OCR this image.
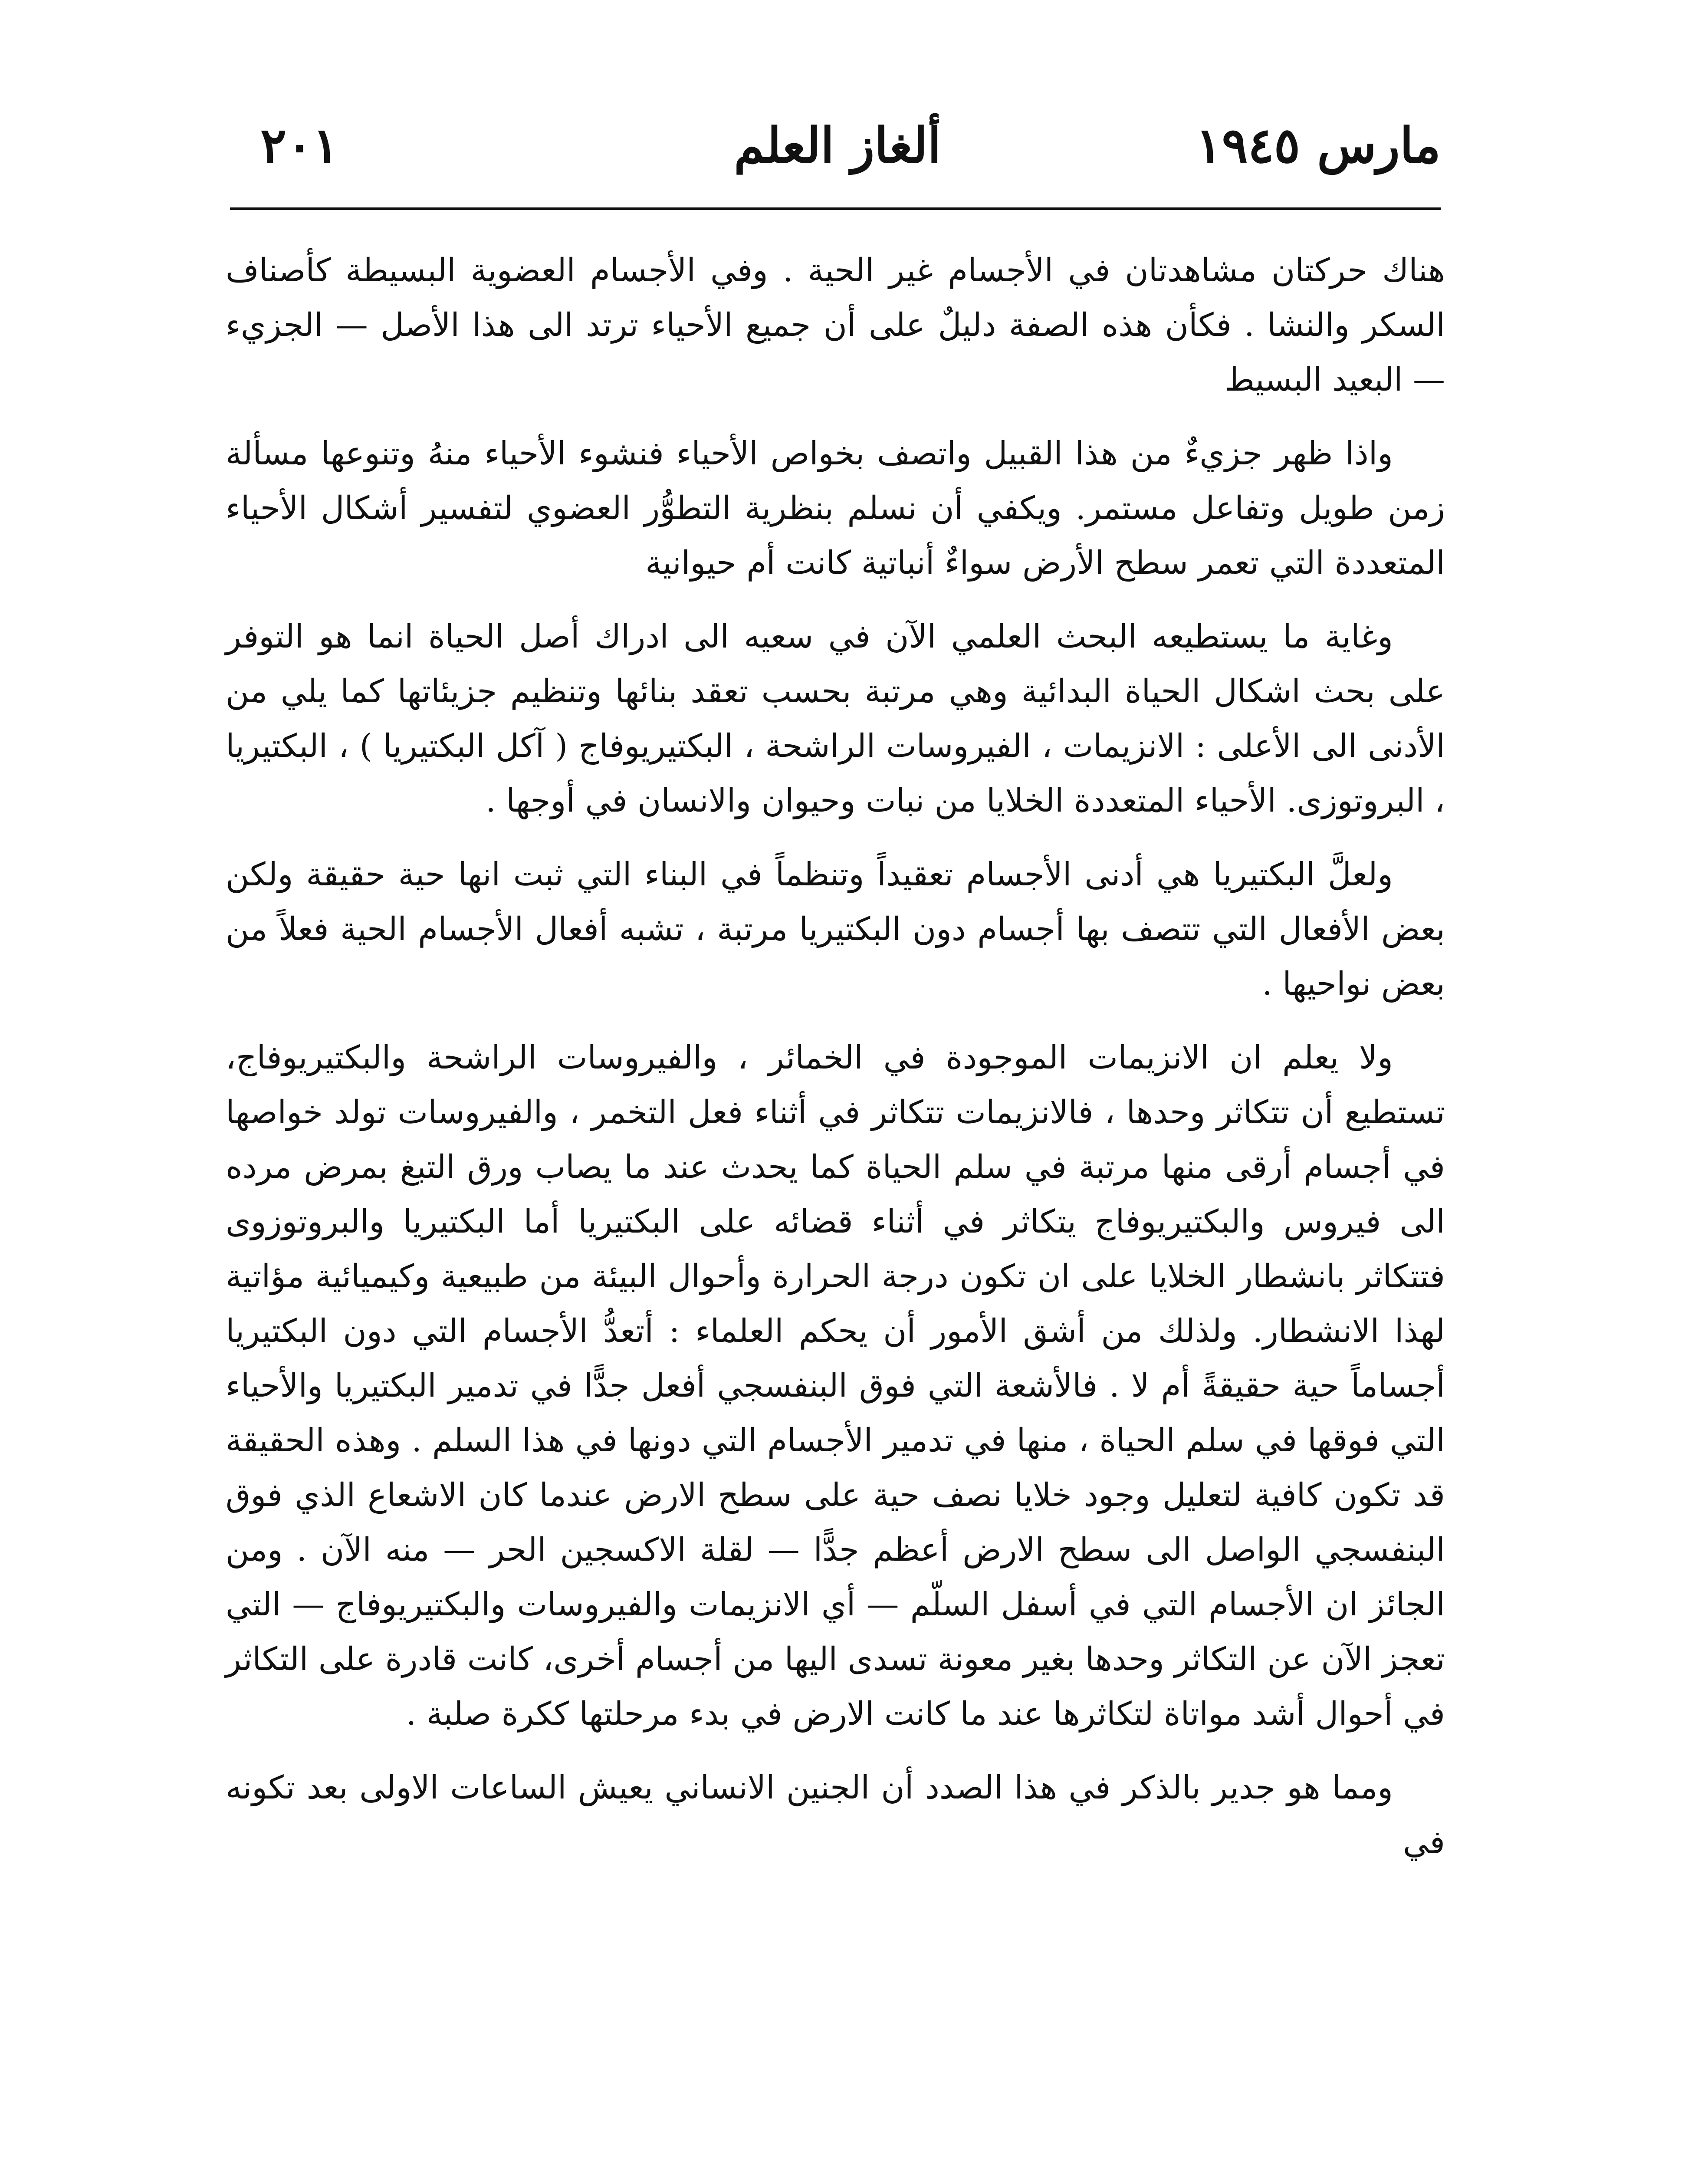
مارس ١٩٤٥
ألغاز العلم
٢٠١

هناك حركتان مشاهدتان في الأجسام غير الحية . وفي الأجسام العضوية البسيطة كأصناف السكر والنشا . فكأن هذه الصفة دليلٌ على أن جميع الأحياء ترتد الى هذا الأصل — الجزيء — البعيد البسيط

واذا ظهر جزيءٌ من هذا القبيل واتصف بخواص الأحياء فنشوء الأحياء منهُ وتنوعها مسألة زمن طويل وتفاعل مستمر. ويكفي أن نسلم بنظرية التطوُّر العضوي لتفسير أشكال الأحياء المتعددة التي تعمر سطح الأرض سواءٌ أنباتية كانت أم حيوانية

وغاية ما يستطيعه البحث العلمي الآن في سعيه الى ادراك أصل الحياة انما هو التوفر على بحث اشكال الحياة البدائية وهي مرتبة بحسب تعقد بنائها وتنظيم جزيئاتها كما يلي من الأدنى الى الأعلى : الانزيمات ، الفيروسات الراشحة ، البكتيريوفاج ( آكل البكتيريا ) ، البكتيريا ، البروتوزى. الأحياء المتعددة الخلايا من نبات وحيوان والانسان في أوجها .

ولعلَّ البكتيريا هي أدنى الأجسام تعقيداً وتنظماً في البناء التي ثبت انها حية حقيقة ولكن بعض الأفعال التي تتصف بها أجسام دون البكتيريا مرتبة ، تشبه أفعال الأجسام الحية فعلاً من بعض نواحيها .

ولا يعلم ان الانزيمات الموجودة في الخمائر ، والفيروسات الراشحة والبكتيريوفاج، تستطيع أن تتكاثر وحدها ، فالانزيمات تتكاثر في أثناء فعل التخمر ، والفيروسات تولد خواصها في أجسام أرقى منها مرتبة في سلم الحياة كما يحدث عند ما يصاب ورق التبغ بمرض مرده الى فيروس والبكتيريوفاج يتكاثر في أثناء قضائه على البكتيريا أما البكتيريا والبروتوزوى فتتكاثر بانشطار الخلايا على ان تكون درجة الحرارة وأحوال البيئة من طبيعية وكيميائية مؤاتية لهذا الانشطار. ولذلك من أشق الأمور أن يحكم العلماء : أتعدُّ الأجسام التي دون البكتيريا أجساماً حية حقيقةً أم لا . فالأشعة التي فوق البنفسجي أفعل جدًّا في تدمير البكتيريا والأحياء التي فوقها في سلم الحياة ، منها في تدمير الأجسام التي دونها في هذا السلم . وهذه الحقيقة قد تكون كافية لتعليل وجود خلايا نصف حية على سطح الارض عندما كان الاشعاع الذي فوق البنفسجي الواصل الى سطح الارض أعظم جدًّا — لقلة الاكسجين الحر — منه الآن . ومن الجائز ان الأجسام التي في أسفل السلّم — أي الانزيمات والفيروسات والبكتيريوفاج — التي تعجز الآن عن التكاثر وحدها بغير معونة تسدى اليها من أجسام أخرى، كانت قادرة على التكاثر في أحوال أشد مواتاة لتكاثرها عند ما كانت الارض في بدء مرحلتها ككرة صلبة .

ومما هو جدير بالذكر في هذا الصدد أن الجنين الانساني يعيش الساعات الاولى بعد تكونه في
